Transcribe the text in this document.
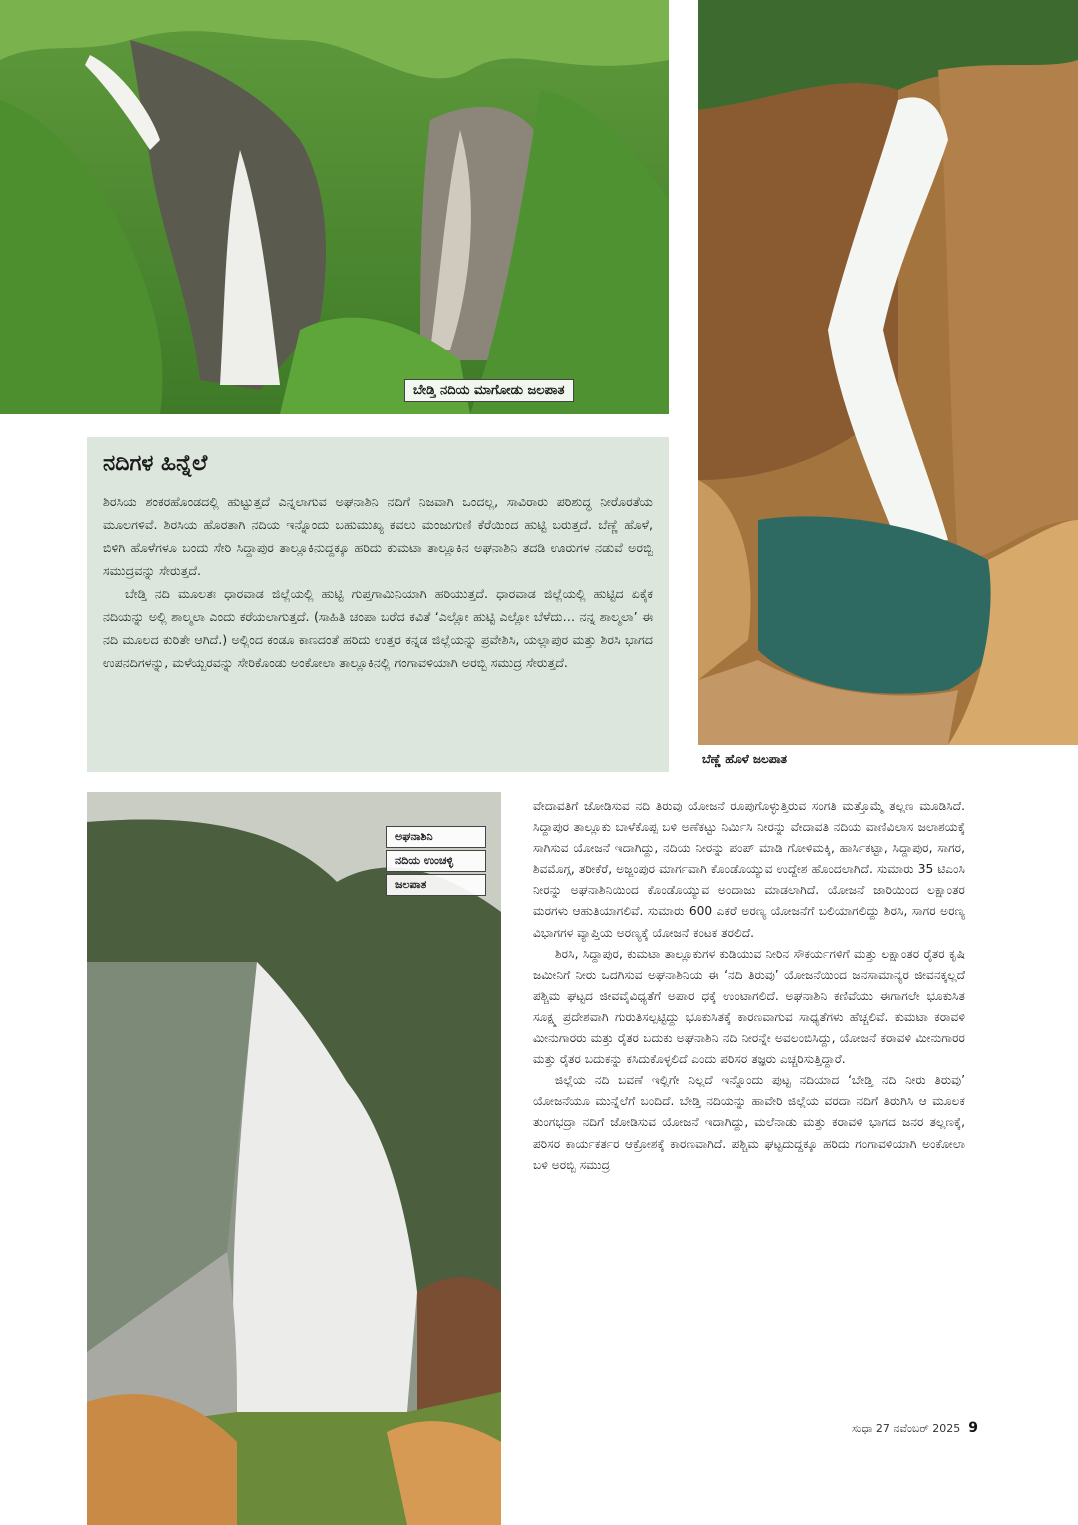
ಬೇಡ್ತಿ ನದಿಯ ಮಾಗೋಡು ಜಲಪಾತ
ಬೆಣ್ಣೆ ಹೊಳೆ ಜಲಪಾತ
ನದಿಗಳ ಹಿನ್ನೆಲೆ

ಶಿರಸಿಯ ಶಂಕರಹೊಂಡದಲ್ಲಿ ಹುಟ್ಟುತ್ತದೆ ಎನ್ನಲಾಗುವ ಅಘನಾಶಿನಿ ನದಿಗೆ ನಿಜವಾಗಿ ಒಂದಲ್ಲ, ಸಾವಿರಾರು ಪರಿಶುದ್ಧ ನೀರೊರತೆಯ ಮೂಲಗಳಿವೆ. ಶಿರಸಿಯ ಹೊರತಾಗಿ ನದಿಯ ಇನ್ನೊಂದು ಬಹುಮುಖ್ಯ ಕವಲು ಮಂಜುಗುಣಿ ಕೆರೆಯಿಂದ ಹುಟ್ಟಿ ಬರುತ್ತದೆ. ಬೆಣ್ಣೆ ಹೊಳೆ, ಬಿಳಿಗಿ ಹೊಳೆಗಳೂ ಬಂದು ಸೇರಿ ಸಿದ್ದಾಪುರ ತಾಲ್ಲೂಕಿನುದ್ದಕ್ಕೂ ಹರಿದು ಕುಮಟಾ ತಾಲ್ಲೂಕಿನ ಅಘನಾಶಿನಿ ತದಡಿ ಊರುಗಳ ನಡುವೆ ಅರಬ್ಬಿ ಸಮುದ್ರವನ್ನು ಸೇರುತ್ತದೆ.

ಬೇಡ್ತಿ ನದಿ ಮೂಲತಃ ಧಾರವಾಡ ಜಿಲ್ಲೆಯಲ್ಲಿ ಹುಟ್ಟಿ ಗುಪ್ತಗಾಮಿನಿಯಾಗಿ ಹರಿಯುತ್ತದೆ. ಧಾರವಾಡ ಜಿಲ್ಲೆಯಲ್ಲಿ ಹುಟ್ಟಿದ ಏಕೈಕ ನದಿಯನ್ನು ಅಲ್ಲಿ ಶಾಲ್ಮಲಾ ಎಂದು ಕರೆಯಲಾಗುತ್ತದೆ. (ಸಾಹಿತಿ ಚಂಪಾ ಬರೆದ ಕವಿತೆ ‘ಎಲ್ಲೋ ಹುಟ್ಟಿ ಎಲ್ಲೋ ಬೆಳೆದು… ನನ್ನ ಶಾಲ್ಮಲಾ’ ಈ ನದಿ ಮೂಲದ ಕುರಿತೇ ಆಗಿದೆ.) ಅಲ್ಲಿಂದ ಕಂಡೂ ಕಾಣದಂತೆ ಹರಿದು ಉತ್ತರ ಕನ್ನಡ ಜಿಲ್ಲೆಯನ್ನು ಪ್ರವೇಶಿಸಿ, ಯಲ್ಲಾಪುರ ಮತ್ತು ಶಿರಸಿ ಭಾಗದ ಉಪನದಿಗಳನ್ನು, ಮಳೆಯ್ಬರವನ್ನು ಸೇರಿಕೊಂಡು ಅಂಕೋಲಾ ತಾಲ್ಲೂಕಿನಲ್ಲಿ ಗಂಗಾವಳಿಯಾಗಿ ಅರಬ್ಬಿ ಸಮುದ್ರ ಸೇರುತ್ತದೆ.

ಅಘನಾಶಿನಿ
ನದಿಯ ಉಂಚಳ್ಳಿ
ಜಲಪಾತ

ವೇದಾವತಿಗೆ ಜೋಡಿಸುವ ನದಿ ತಿರುವು ಯೋಜನೆ ರೂಪುಗೊಳ್ಳುತ್ತಿರುವ ಸಂಗತಿ ಮತ್ತೊಮ್ಮೆ ತಲ್ಲಣ ಮೂಡಿಸಿದೆ. ಸಿದ್ದಾಪುರ ತಾಲ್ಲೂಕು ಬಾಳೆಕೊಪ್ಪ ಬಳಿ ಅಣೆಕಟ್ಟು ನಿರ್ಮಿಸಿ ನೀರನ್ನು ವೇದಾವತಿ ನದಿಯ ವಾಣಿವಿಲಾಸ ಜಲಾಶಯಕ್ಕೆ ಸಾಗಿಸುವ ಯೋಜನೆ ಇದಾಗಿದ್ದು, ನದಿಯ ನೀರನ್ನು ಪಂಪ್ ಮಾಡಿ ಗೋಳಿಮಕ್ಕಿ, ಹಾರ್ಸಿಕಟ್ಟಾ, ಸಿದ್ದಾಪುರ, ಸಾಗರ, ಶಿವಮೊಗ್ಗ, ತರೀಕೆರೆ, ಅಜ್ಜಂಪುರ ಮಾರ್ಗವಾಗಿ ಕೊಂಡೊಯ್ಯುವ ಉದ್ದೇಶ ಹೊಂದಲಾಗಿದೆ. ಸುಮಾರು 35 ಟಿಎಂಸಿ ನೀರನ್ನು ಅಘನಾಶಿನಿಯಿಂದ ಕೊಂಡೊಯ್ಯುವ ಅಂದಾಜು ಮಾಡಲಾಗಿದೆ. ಯೋಜನೆ ಜಾರಿಯಿಂದ ಲಕ್ಷಾಂತರ ಮರಗಳು ಆಹುತಿಯಾಗಲಿವೆ. ಸುಮಾರು 600 ಎಕರೆ ಅರಣ್ಯ ಯೋಜನೆಗೆ ಬಲಿಯಾಗಲಿದ್ದು ಶಿರಸಿ, ಸಾಗರ ಅರಣ್ಯ ವಿಭಾಗಗಳ ವ್ಯಾಪ್ತಿಯ ಅರಣ್ಯಕ್ಕೆ ಯೋಜನೆ ಕಂಟಕ ತರಲಿದೆ.

ಶಿರಸಿ, ಸಿದ್ದಾಪುರ, ಕುಮಟಾ ತಾಲ್ಲೂಕುಗಳ ಕುಡಿಯುವ ನೀರಿನ ಸೌಕರ್ಯಗಳಿಗೆ ಮತ್ತು ಲಕ್ಷಾಂತರ ರೈತರ ಕೃಷಿ ಜಮೀನಿಗೆ ನೀರು ಒದಗಿಸುವ ಅಘನಾಶಿನಿಯ ಈ ‘ನದಿ ತಿರುವು’ ಯೋಜನೆಯಿಂದ ಜನಸಾಮಾನ್ಯರ ಜೀವನಕ್ಕಲ್ಲದೆ ಪಶ್ಚಿಮ ಘಟ್ಟದ ಜೀವವೈವಿಧ್ಯತೆಗೆ ಅಪಾರ ಧಕ್ಕೆ ಉಂಟಾಗಲಿದೆ. ಅಘನಾಶಿನಿ ಕಣಿವೆಯು ಈಗಾಗಲೇ ಭೂಕುಸಿತ ಸೂಕ್ಷ್ಮ ಪ್ರದೇಶವಾಗಿ ಗುರುತಿಸಲ್ಪಟ್ಟಿದ್ದು ಭೂಕುಸಿತಕ್ಕೆ ಕಾರಣವಾಗುವ ಸಾಧ್ಯತೆಗಳು ಹೆಚ್ಚಲಿವೆ. ಕುಮಟಾ ಕರಾವಳಿ ಮೀನುಗಾರರು ಮತ್ತು ರೈತರ ಬದುಕು ಅಘನಾಶಿನಿ ನದಿ ನೀರನ್ನೇ ಅವಲಂಬಿಸಿದ್ದು, ಯೋಜನೆ ಕರಾವಳಿ ಮೀನುಗಾರರ ಮತ್ತು ರೈತರ ಬದುಕನ್ನು ಕಸಿದುಕೊಳ್ಳಲಿದೆ ಎಂದು ಪರಿಸರ ತಜ್ಞರು ಎಚ್ಚರಿಸುತ್ತಿದ್ದಾರೆ.

ಜಿಲ್ಲೆಯ ನದಿ ಬವಣೆ ಇಲ್ಲಿಗೇ ನಿಲ್ಲದೆ ಇನ್ನೊಂದು ಪುಟ್ಟ ನದಿಯಾದ ‘ಬೇಡ್ತಿ ನದಿ ನೀರು ತಿರುವು’ ಯೋಜನೆಯೂ ಮುನ್ನೆಲೆಗೆ ಬಂದಿದೆ. ಬೇಡ್ತಿ ನದಿಯನ್ನು ಹಾವೇರಿ ಜಿಲ್ಲೆಯ ವರದಾ ನದಿಗೆ ತಿರುಗಿಸಿ ಆ ಮೂಲಕ ತುಂಗಭದ್ರಾ ನದಿಗೆ ಜೋಡಿಸುವ ಯೋಜನೆ ಇದಾಗಿದ್ದು, ಮಲೆನಾಡು ಮತ್ತು ಕರಾವಳಿ ಭಾಗದ ಜನರ ತಲ್ಲಣಕ್ಕೆ, ಪರಿಸರ ಕಾರ್ಯಕರ್ತರ ಆಕ್ರೋಶಕ್ಕೆ ಕಾರಣವಾಗಿದೆ. ಪಶ್ಚಿಮ ಘಟ್ಟದುದ್ದಕ್ಕೂ ಹರಿದು ಗಂಗಾವಳಿಯಾಗಿ ಅಂಕೋಲಾ ಬಳಿ ಅರಬ್ಬಿ ಸಮುದ್ರ

ಸುಧಾ 27 ನವೆಂಬರ್ 2025 9
